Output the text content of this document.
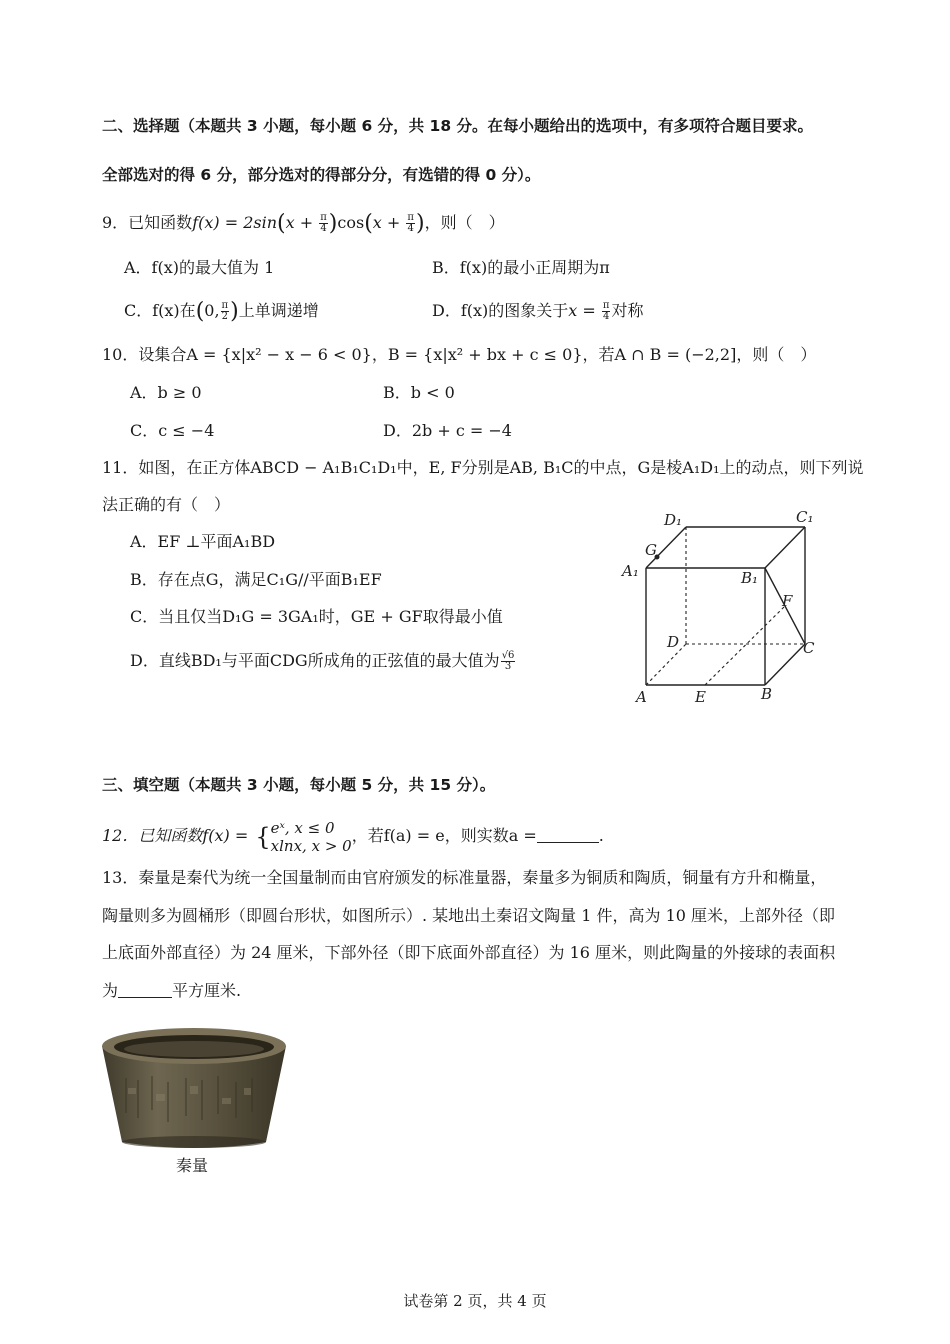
二、选择题（本题共 3 小题，每小题 6 分，共 18 分。在每小题给出的选项中，有多项符合题目要求。
全部选对的得 6 分，部分选对的得部分分，有选错的得 0 分）。
9．已知函数$f(x) = 2\sin(x + \frac{\pi}{4} )\cos(x + \frac{\pi}{4}$ )，则（　）
A．f(x)的最大值为 1	B．f(x)的最小正周期为π
C．f(x)在(0, $\frac{\pi}{2}$ )上单调递增	D．f(x)的图象关于$x = \frac{\pi}{4}$ 对称
10．设集合A = {x|x² − x − 6 < 0}，B = {x|x² + bx + c ≤ 0}，若A ∩ B = (−2,2]，则（　）
A．b ≥ 0	B．b < 0
C．c ≤ −4	D．2b + c = −4
11．如图，在正方体ABCD − A₁B₁C₁D₁中，E, F分别是AB, B₁C的中点，G是棱A₁D₁上的动点，则下列说
法正确的有（　）
A．EF ⊥平面A₁BD
B．存在点G，满足C₁G//平面B₁EF
C．当且仅当D₁G = 3GA₁时，GE + GF取得最小值
D．直线BD₁与平面CDG所成角的正弦值的最大值为 $\frac{√6}{3}$
D₁	C₁
G
A₁	B₁
F
D	C
A	E	B
三、填空题（本题共 3 小题，每小题 5 分，共 15 分）。
12．已知函数f(x) = { eˣ, x ≤ 0
xlnx, x > 0
，若f(a) = e，则实数a =	.
13．秦量是秦代为统一全国量制而由官府颁发的标准量器，秦量多为铜质和陶质，铜量有方升和椭量，
陶量则多为圆桶形（即圆台形状，如图所示）. 某地出土秦诏文陶量 1 件，高为 10 厘米，上部外径（即
上底面外部直径）为 24 厘米，下部外径（即下底面外部直径）为 16 厘米，则此陶量的外接球的表面积
为	平方厘米.
秦量
试卷第 2 页，共 4 页
